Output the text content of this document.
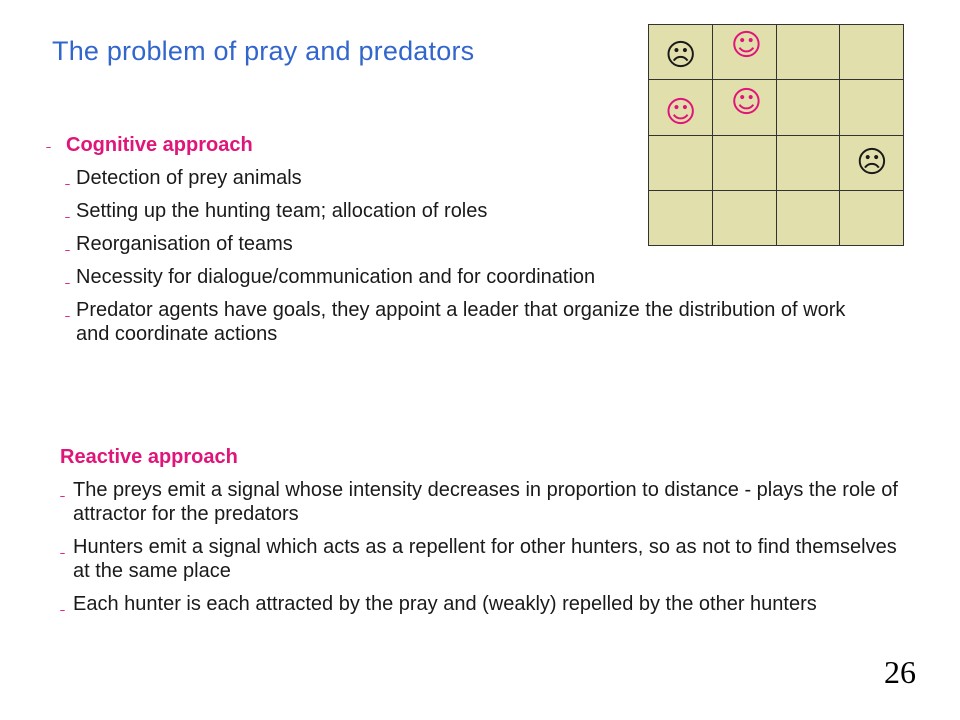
The problem of pray and predators	☹ ☺
☺ ☺
☹
– Cognitive approach
– Detection of prey animals
– Setting up the hunting team; allocation of roles
– Reorganisation of teams
– Necessity for dialogue/communication and for coordination
– Predator agents have goals, they appoint a leader that organize the distribution of work and coordinate actions
Reactive approach
– The preys emit a signal whose intensity decreases in proportion to distance - plays the role of attractor for the predators
– Hunters emit a signal which acts as a repellent for other hunters, so as not to find themselves at the same place
– Each hunter is each attracted by the pray and (weakly) repelled by the other hunters
26
